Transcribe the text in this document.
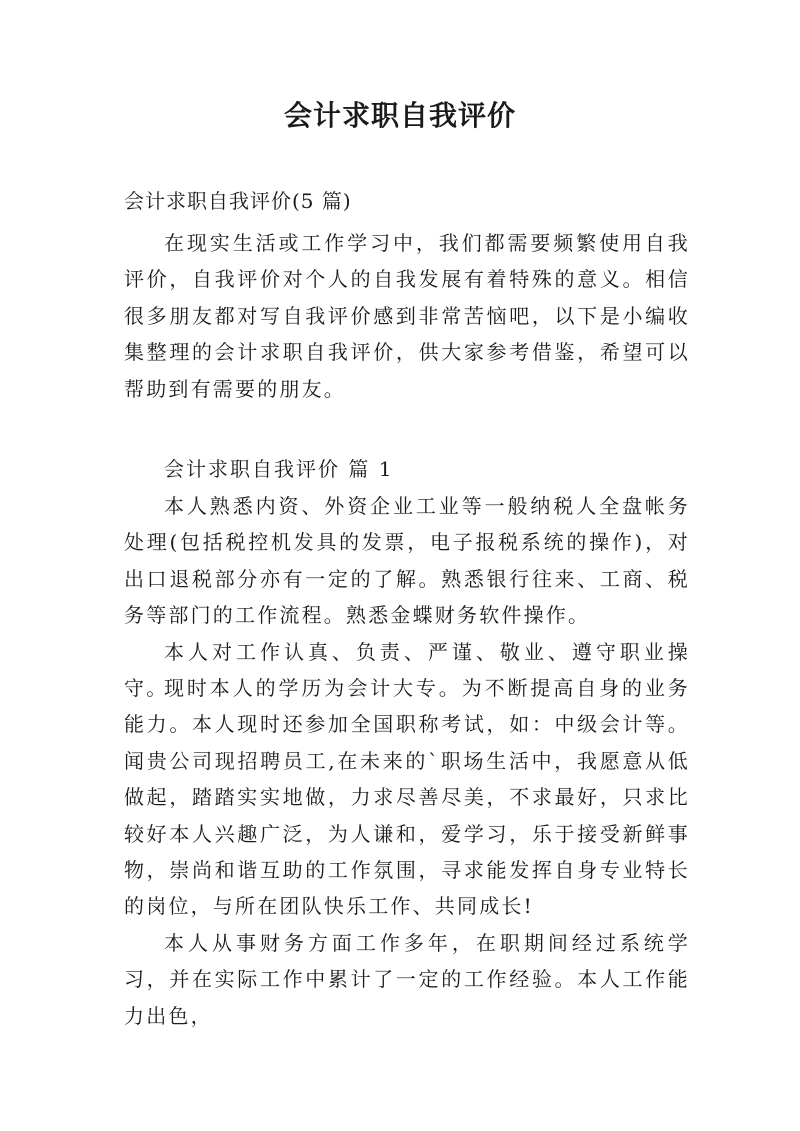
会计求职自我评价
会计求职自我评价(5 篇)
在现实生活或工作学习中，我们都需要频繁使用自我评价，自我评价对个人的自我发展有着特殊的意义。相信很多朋友都对写自我评价感到非常苦恼吧，以下是小编收集整理的会计求职自我评价，供大家参考借鉴，希望可以帮助到有需要的朋友。
会计求职自我评价 篇 1
本人熟悉内资、外资企业工业等一般纳税人全盘帐务处理(包括税控机发具的发票，电子报税系统的操作)，对出口退税部分亦有一定的了解。熟悉银行往来、工商、税务等部门的工作流程。熟悉金蝶财务软件操作。
本人对工作认真、负责、严谨、敬业、遵守职业操守。
现时本人的学历为会计大专。为不断提高自身的业务能力。本人现时还参加全国职称考试，如：中级会计等。闻贵公司现招聘员工,在未来的`职场生活中，我愿意从低做起，踏踏实实地做，力求尽善尽美，不求最好，只求比较好本人兴趣广泛，为人谦和，爱学习，乐于接受新鲜事物，崇尚和谐互助的工作氛围，寻求能发挥自身专业特长的岗位，与所在团队快乐工作、共同成长!
本人从事财务方面工作多年，在职期间经过系统学习，并在实际工作中累计了一定的工作经验。本人工作能力出色，
